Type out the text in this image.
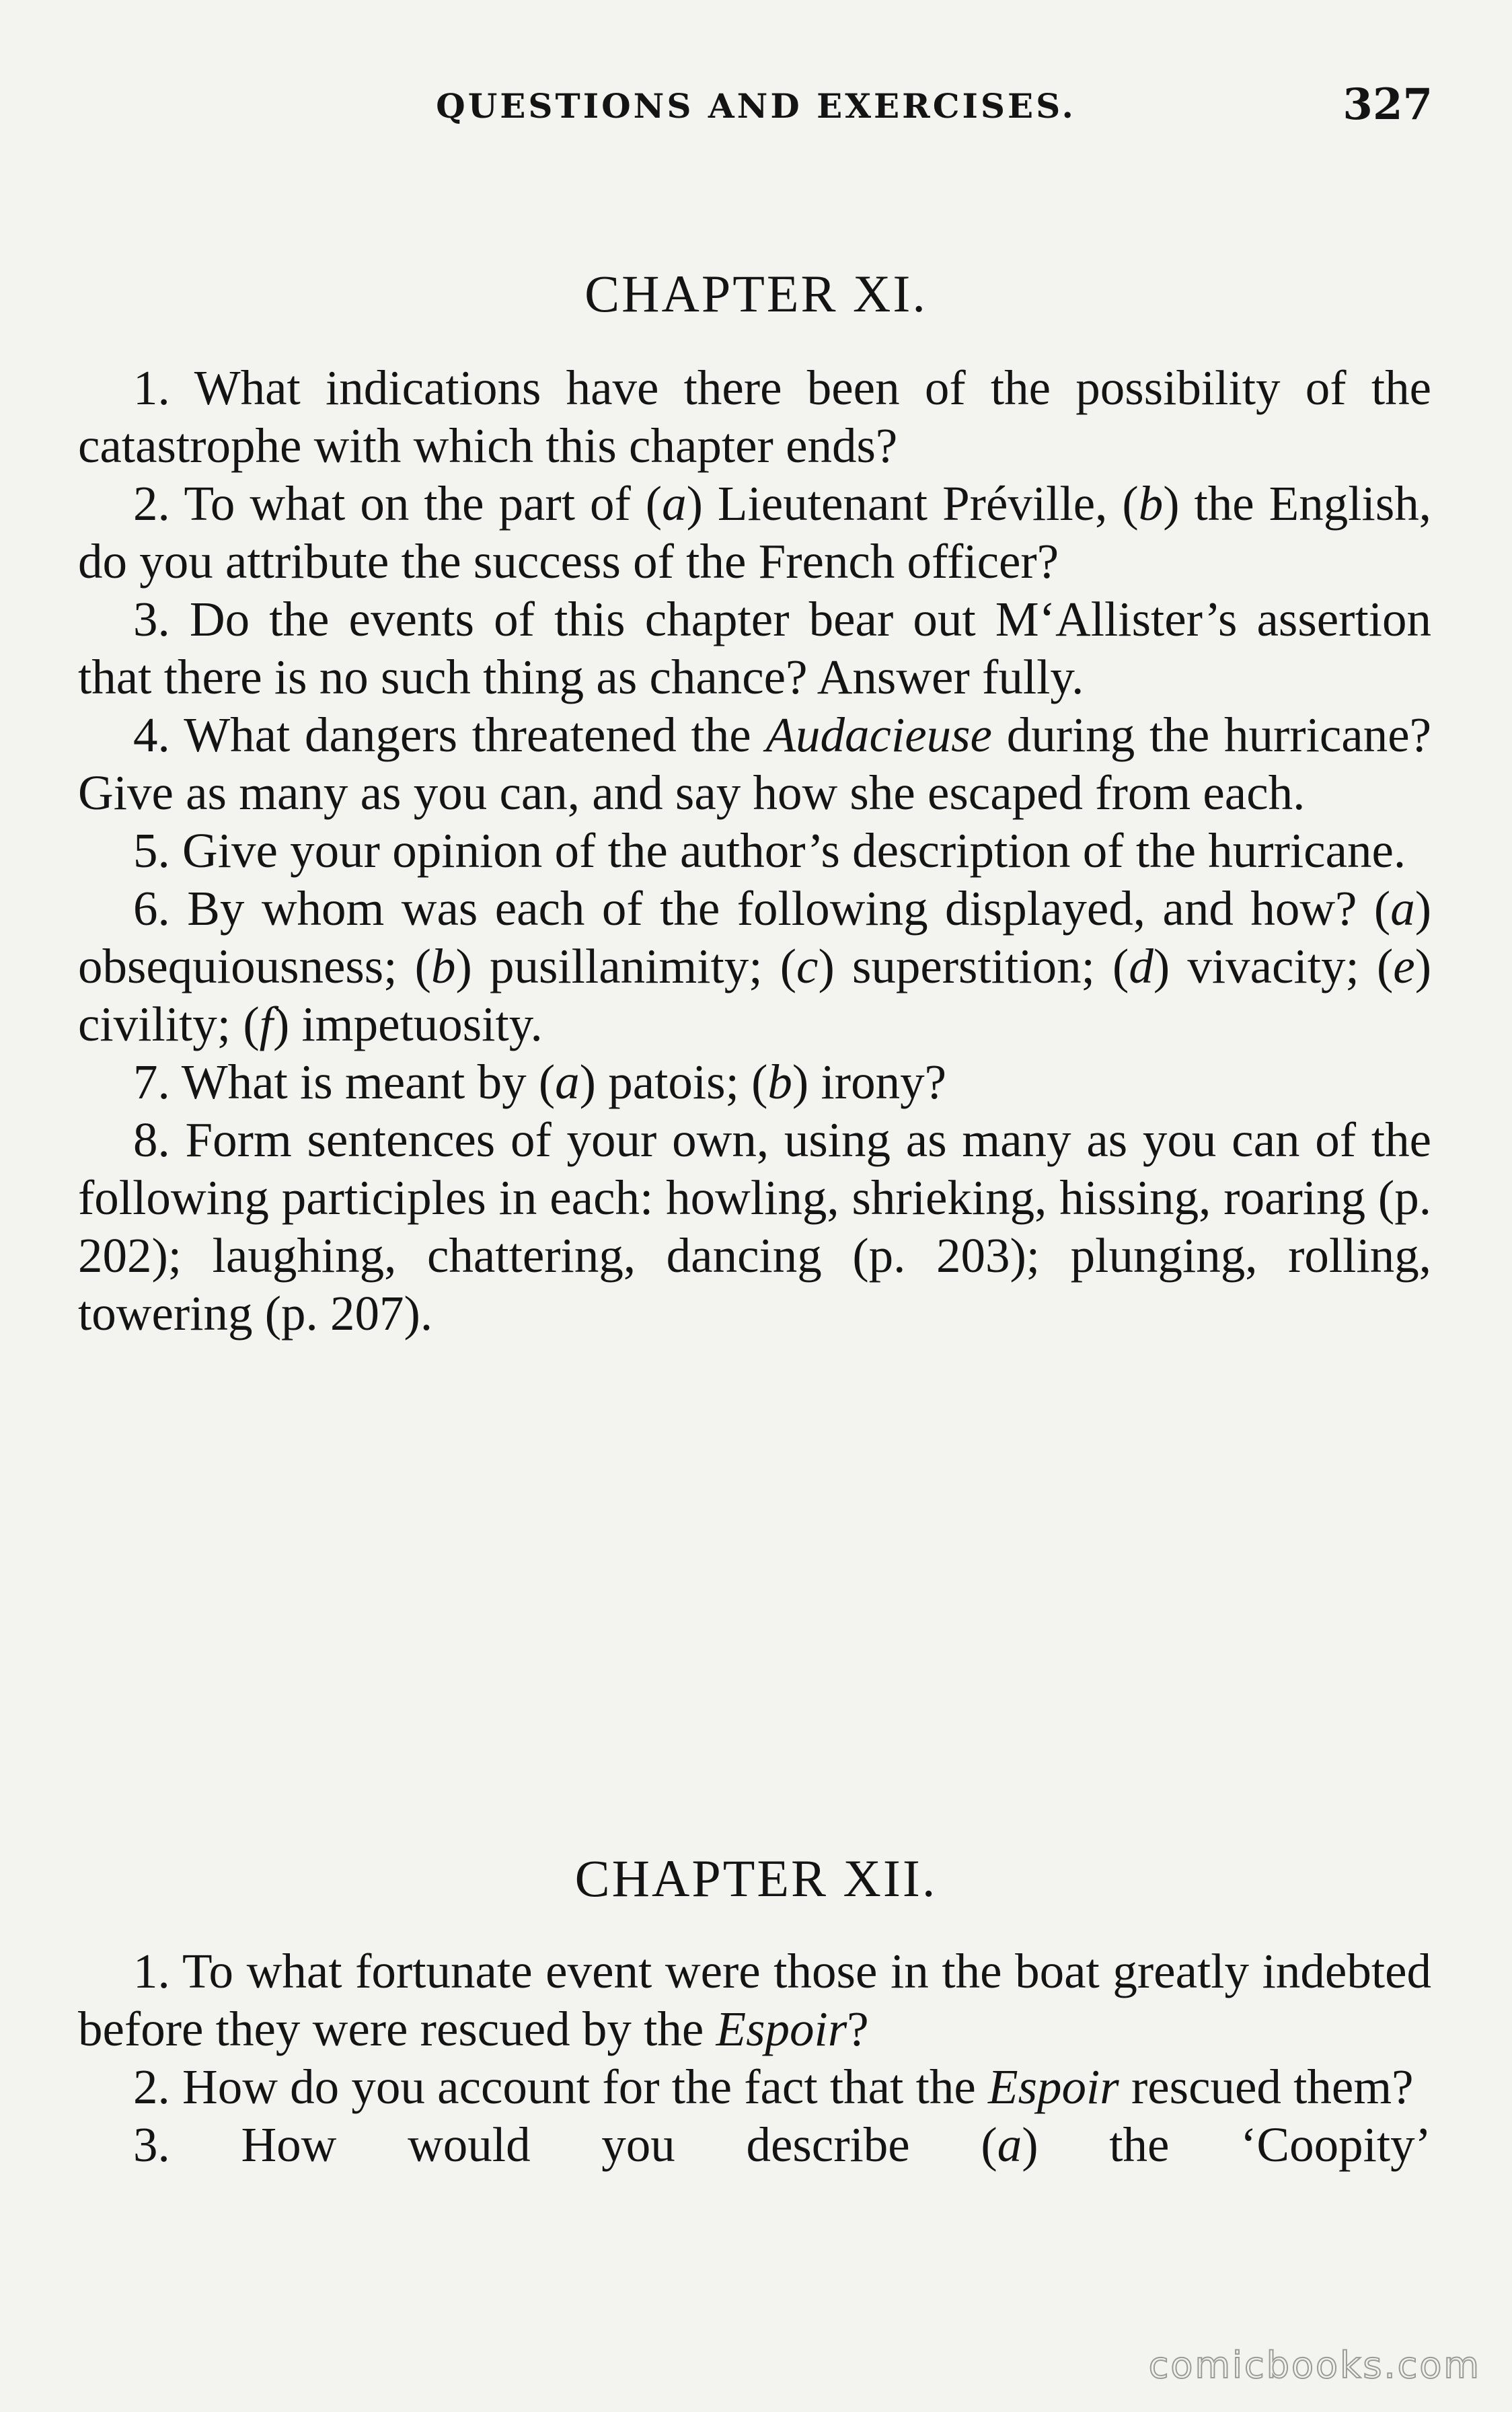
QUESTIONS AND EXERCISES.	327
CHAPTER XI.

1. What indications have there been of the possibility of the catastrophe with which this chapter ends?

2. To what on the part of (a) Lieutenant Préville, (b) the English, do you attribute the success of the French officer?

3. Do the events of this chapter bear out M‘Allister’s assertion that there is no such thing as chance? Answer fully.

4. What dangers threatened the Audacieuse during the hurricane? Give as many as you can, and say how she escaped from each.

5. Give your opinion of the author’s description of the hurricane.

6. By whom was each of the following displayed, and how? (a) obsequiousness; (b) pusillanimity; (c) superstition; (d) vivacity; (e) civility; (f) impetuosity.

7. What is meant by (a) patois; (b) irony?

8. Form sentences of your own, using as many as you can of the following participles in each: howling, shrieking, hissing, roaring (p. 202); laughing, chattering, dancing (p. 203); plunging, rolling, towering (p. 207).

CHAPTER XII.

1. To what fortunate event were those in the boat greatly indebted before they were rescued by the Espoir?

2. How do you account for the fact that the Espoir rescued them?

3. How would you describe (a) the ‘Coopity’

comicbooks.com
